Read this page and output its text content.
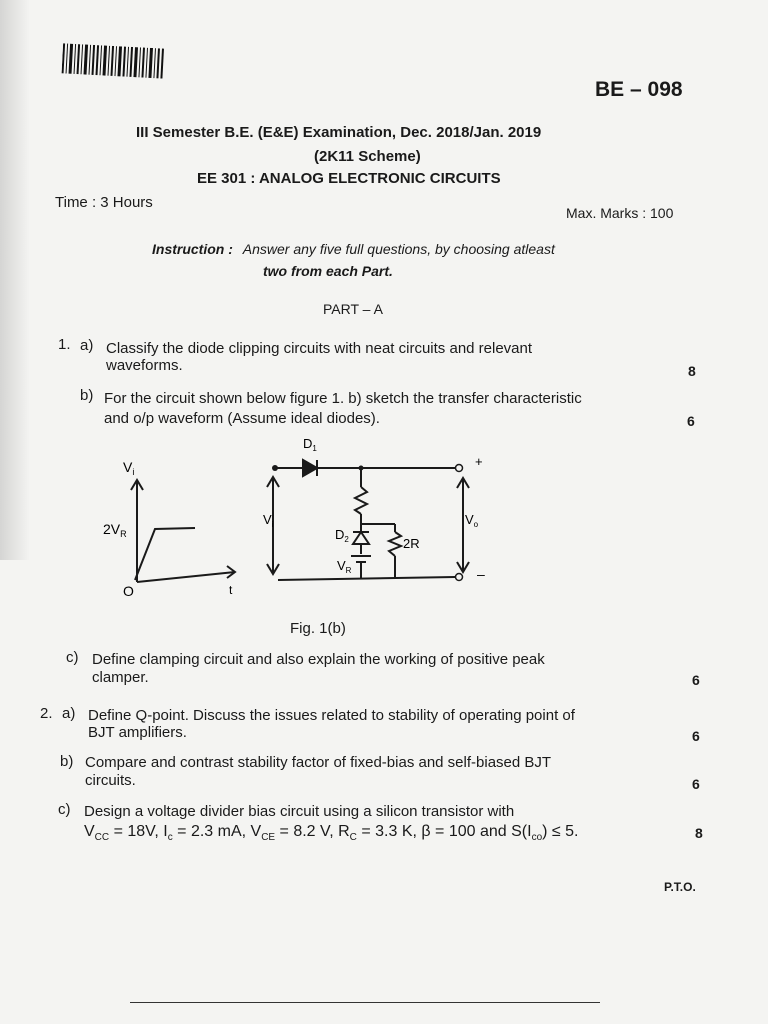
BE – 098
III Semester B.E. (E&E) Examination, Dec. 2018/Jan. 2019
(2K11 Scheme)
EE 301 : ANALOG ELECTRONIC CIRCUITS
Time : 3 Hours
Max. Marks : 100
Instruction : Answer any five full questions, by choosing atleast
two from each Part.
PART – A
1. a) Classify the diode clipping circuits with neat circuits and relevant
waveforms.	8
b) For the circuit shown below figure 1. b) sketch the transfer characteristic
and o/p waveform (Assume ideal diodes).	6
$V_i$
$2V_R$
O	t
$D_1$
$D_2$	2R
$V_R$
$V_i$	$V_o$
+
–
Fig. 1(b)
c) Define clamping circuit and also explain the working of positive peak
clamper.	6
2. a) Define Q-point. Discuss the issues related to stability of operating point of
BJT amplifiers.	6
b) Compare and contrast stability factor of fixed-bias and self-biased BJT
circuits.	6
c) Design a voltage divider bias circuit using a silicon transistor with
$V_{CC} = 18V$, $I_c = 2.3$ mA, $V_{CE} = 8.2$ V, $R_C = 3.3$ K, β = 100 and $S(I_{co}) \le 5$.	8
P.T.O.
